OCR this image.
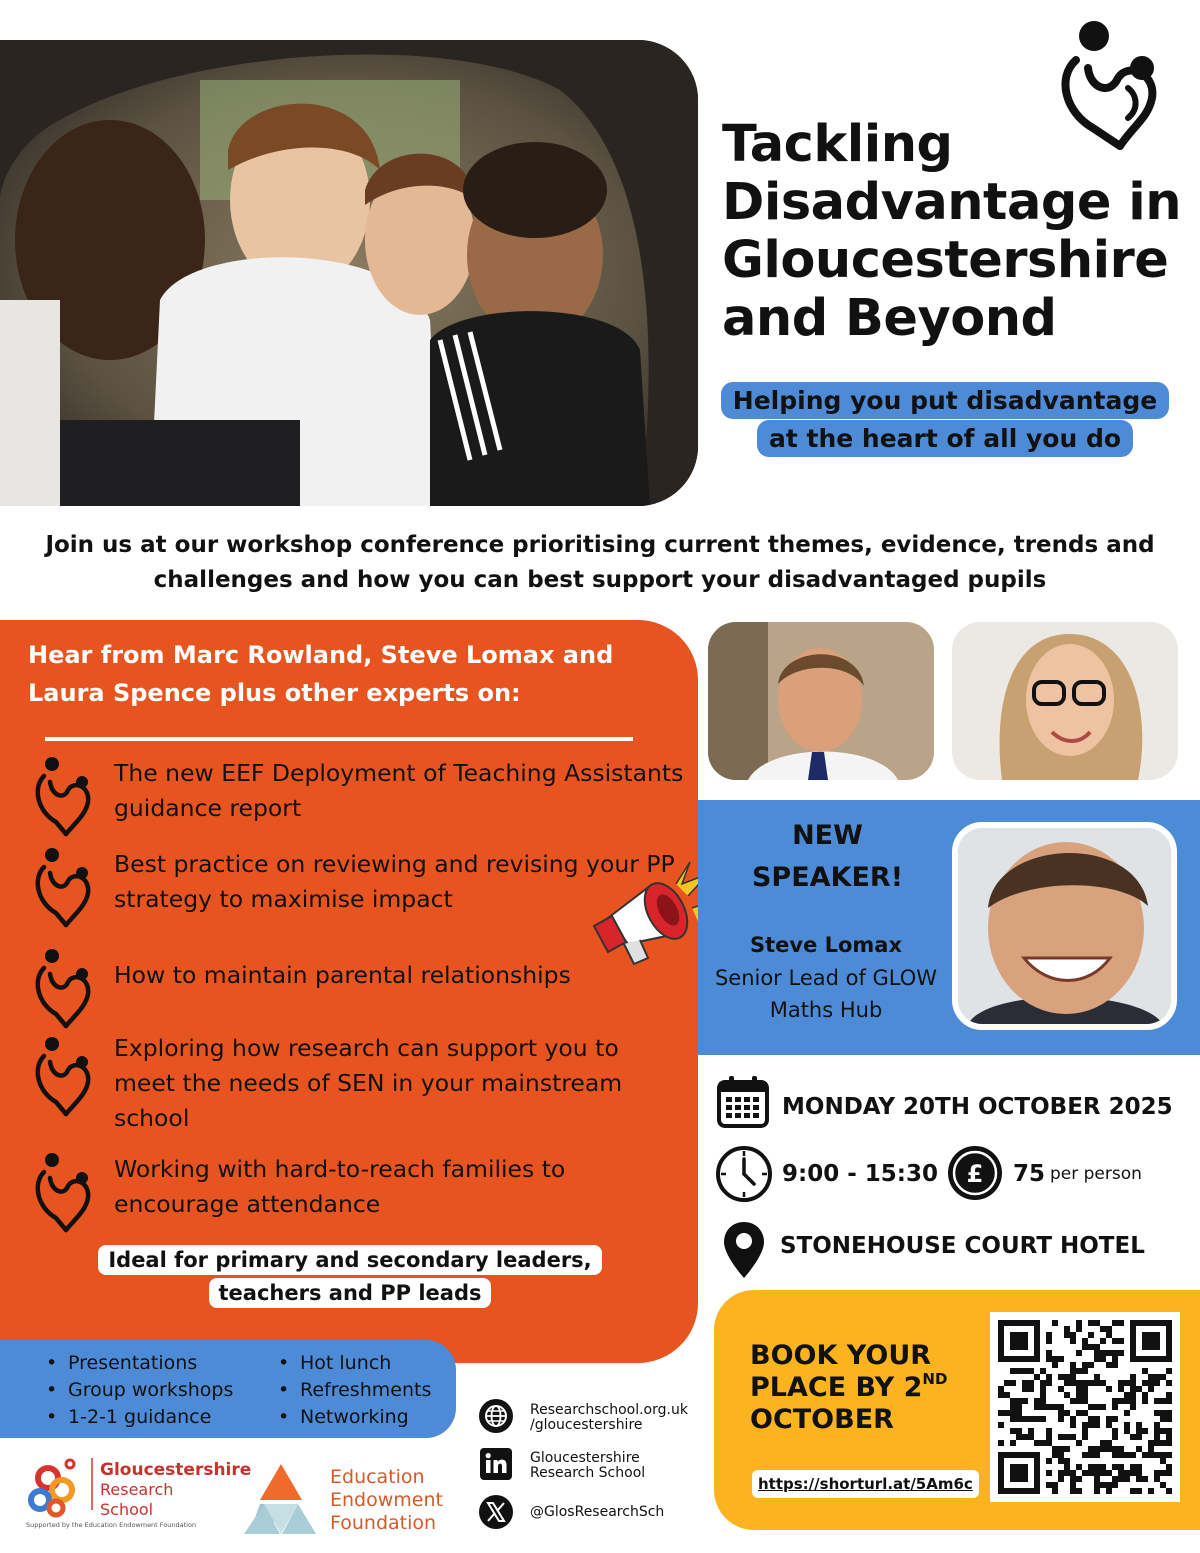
Tackling Disadvantage in Gloucestershire and Beyond
Helping you put disadvantage at the heart of all you do
Join us at our workshop conference prioritising current themes, evidence, trends and challenges and how you can best support your disadvantaged pupils
Hear from Marc Rowland, Steve Lomax and Laura Spence plus other experts on:
The new EEF Deployment of Teaching Assistants guidance report
Best practice on reviewing and revising your PP strategy to maximise impact
How to maintain parental relationships
Exploring how research can support you to meet the needs of SEN in your mainstream school
Working with hard-to-reach families to encourage attendance
Ideal for primary and secondary leaders, teachers and PP leads
NEW SPEAKER!
Steve Lomax
Senior Lead of GLOW Maths Hub
MONDAY 20TH OCTOBER 2025
9:00 - 15:30 £ 75 per person
STONEHOUSE COURT HOTEL
• Presentations
• Group workshops
• 1-2-1 guidance
• Hot lunch
• Refreshments
• Networking
BOOK YOUR
PLACE BY 2ND
OCTOBER
https://shorturl.at/5Am6c
Gloucestershire
Research
School
Supported by the Education Endowment Foundation
Education
Endowment
Foundation
Researchschool.org.uk
/gloucestershire
Gloucestershire
Research School
@GlosResearchSch
